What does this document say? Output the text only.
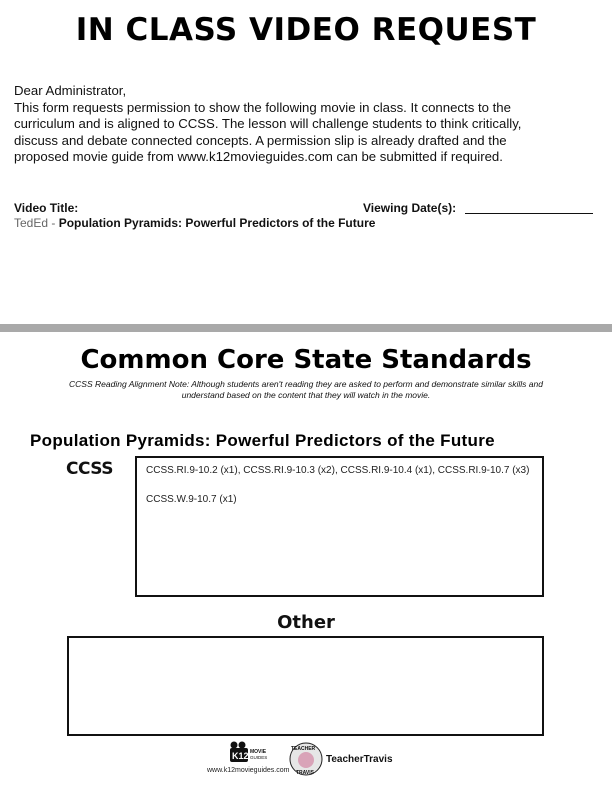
IN CLASS VIDEO REQUEST

Dear Administrator,

This form requests permission to show the following movie in class. It connects to the

curriculum and is aligned to CCSS. The lesson will challenge students to think critically,

discuss and debate connected concepts. A permission slip is already drafted and the

proposed movie guide from www.k12movieguides.com can be submitted if required.

Video Title:	Viewing Date(s):
TedEd - Population Pyramids: Powerful Predictors of the Future
Common Core State Standards
CCSS Reading Alignment Note: Although students aren't reading they are asked to perform and demonstrate similar skills and
understand based on the content that they will watch in the movie.
Population Pyramids: Powerful Predictors of the Future
CCSS	CCSS.RI.9-10.2 (x1), CCSS.RI.9-10.3 (x2), CCSS.RI.9-10.4 (x1), CCSS.RI.9-10.7 (x3)
CCSS.W.9-10.7 (x1)
Other
K12 MOVIE
GUIDES
www.k12movieguides.com
TEACHER
TRAVIS
TeacherTravis
